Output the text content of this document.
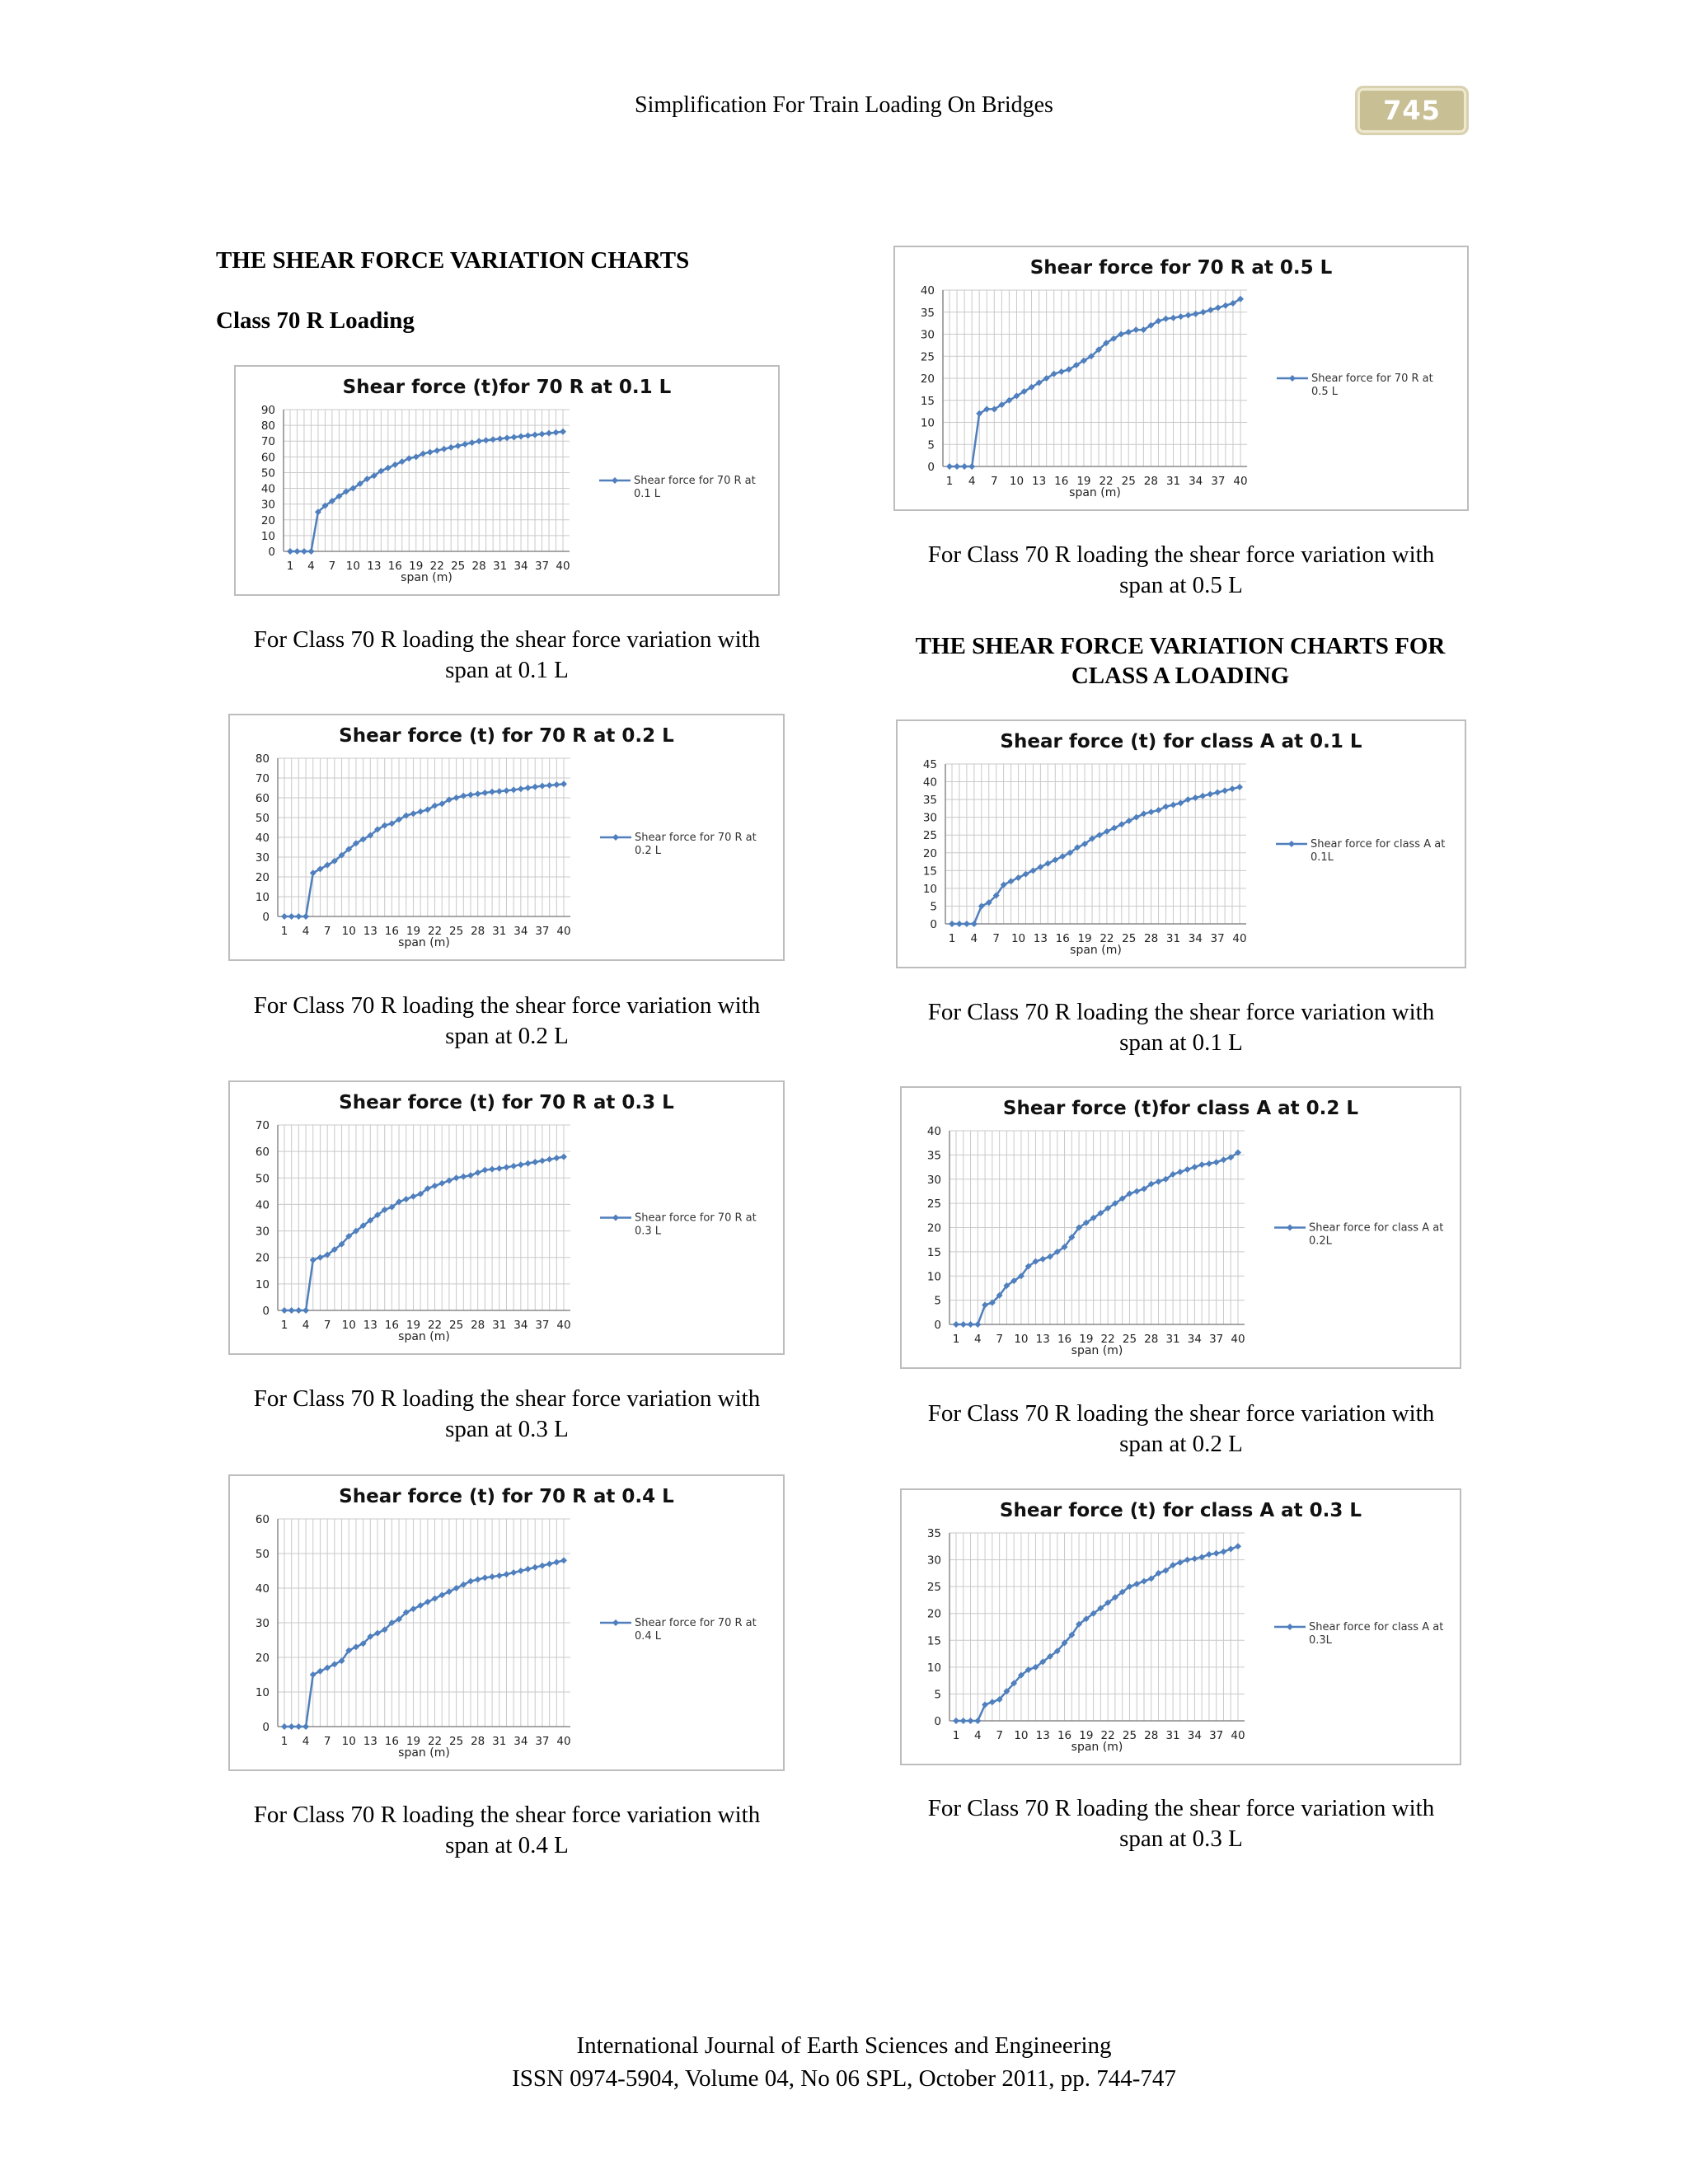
Simplification For Train Loading On Bridges	745
THE SHEAR FORCE VARIATION CHARTS
Class 70 R Loading
THE SHEAR FORCE VARIATION CHARTS FOR
CLASS A LOADING
Shear force (t)for 70 R at 0.1 L
0
10
20
30
40
50
60
70
80
90
1 4 7 10 13 16 19 22 25 28 31 34 37 40
span (m)
Shear force for 70 R at
0.1 L
Shear force (t) for 70 R at 0.2 L
0
10
20
30
40
50
60
70
80
1 4 7 10 13 16 19 22 25 28 31 34 37 40
span (m)
Shear force for 70 R at
0.2 L
Shear force (t) for 70 R at 0.3 L
0
10
20
30
40
50
60
70
1 4 7 10 13 16 19 22 25 28 31 34 37 40
span (m)
Shear force for 70 R at
0.3 L
Shear force (t) for 70 R at 0.4 L
0
10
20
30
40
50
60
1 4 7 10 13 16 19 22 25 28 31 34 37 40
span (m)
Shear force for 70 R at
0.4 L
Shear force for 70 R at 0.5 L
0
5
10
15
20
25
30
35
40
1 4 7 10 13 16 19 22 25 28 31 34 37 40
span (m)
Shear force for 70 R at
0.5 L
Shear force (t) for class A at 0.1 L
0
5
10
15
20
25
30
35
40
45
1 4 7 10 13 16 19 22 25 28 31 34 37 40
span (m)
Shear force for class A at
0.1L
Shear force (t)for class A at 0.2 L
0
5
10
15
20
25
30
35
40
1 4 7 10 13 16 19 22 25 28 31 34 37 40
span (m)
Shear force for class A at
0.2L
Shear force (t) for class A at 0.3 L
0
5
10
15
20
25
30
35
1 4 7 10 13 16 19 22 25 28 31 34 37 40
span (m)
Shear force for class A at
0.3L
For Class 70 R loading the shear force variation with
span at 0.1 L
For Class 70 R loading the shear force variation with
span at 0.2 L
For Class 70 R loading the shear force variation with
span at 0.3 L
For Class 70 R loading the shear force variation with
span at 0.4 L
For Class 70 R loading the shear force variation with
span at 0.5 L
For Class 70 R loading the shear force variation with
span at 0.1 L
For Class 70 R loading the shear force variation with
span at 0.2 L
For Class 70 R loading the shear force variation with
span at 0.3 L
International Journal of Earth Sciences and Engineering
ISSN 0974-5904, Volume 04, No 06 SPL, October 2011, pp. 744-747
